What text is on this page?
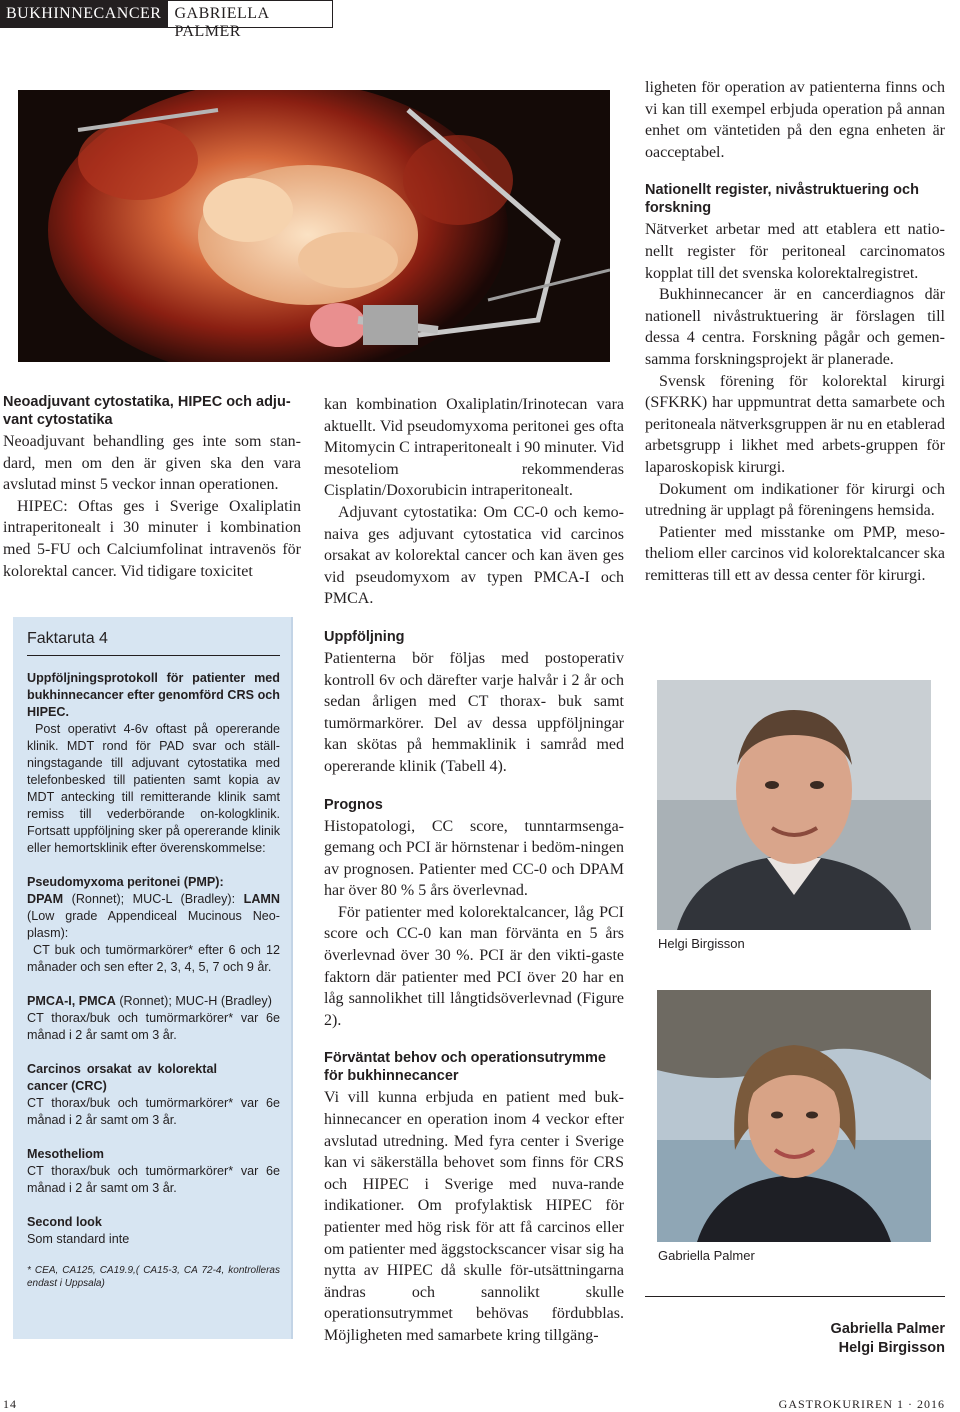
BUKHINNECANCER GABRIELLA PALMER
Neoadjuvant cytostatika, HIPEC och adju-
vant cytostatika

Neoadjuvant behandling ges inte som stan-dard, men om den är given ska den vara avslutad minst 5 veckor innan operationen.

HIPEC: Oftas ges i Sverige Oxaliplatin intraperitonealt i 30 minuter i kombination med 5-FU och Calciumfolinat intravenös för kolorektal cancer. Vid tidigare toxicitet

Faktaruta 4

Uppföljningsprotokoll för patienter med bukhinnecancer efter genomförd CRS och HIPEC.

Post operativt 4-6v oftast på opererande klinik. MDT rond för PAD svar och ställ-ningstagande till adjuvant cytostatika med telefonbesked till patienten samt kopia av MDT antecking till remitterande klinik samt remiss till vederbörande on-kologklinik. Fortsatt uppföljning sker på opererande klinik eller hemortsklinik efter överenskommelse:

Pseudomyxoma peritonei (PMP):

DPAM (Ronnet); MUC-L (Bradley): LAMN (Low grade Appendiceal Mucinous Neo-plasm):

CT buk och tumörmarkörer* efter 6 och 12 månader och sen efter 2, 3, 4, 5, 7 och 9 år.

PMCA-I, PMCA (Ronnet); MUC-H (Bradley)

CT thorax/buk och tumörmarkörer* var 6e månad i 2 år samt om 3 år.

Carcinos orsakat av kolorektal cancer (CRC)

CT thorax/buk och tumörmarkörer* var 6e månad i 2 år samt om 3 år.

Mesotheliom

CT thorax/buk och tumörmarkörer* var 6e månad i 2 år samt om 3 år.

Second look

Som standard inte

* CEA, CA125, CA19.9,( CA15-3, CA 72-4, kontrolleras endast i Uppsala)

kan kombination Oxaliplatin/Irinotecan vara aktuellt. Vid pseudomyxoma peritonei ges ofta Mitomycin C intraperitonealt i 90 minuter. Vid mesoteliom rekommenderas Cisplatin/Doxorubicin intraperitonealt.

Adjuvant cytostatika: Om CC-0 och kemo-naiva ges adjuvant cytostatica vid carcinos orsakat av kolorektal cancer och kan även ges vid pseudomyxom av typen PMCA-I och PMCA.

Uppföljning

Patienterna bör följas med postoperativ kontroll 6v och därefter varje halvår i 2 år och sedan årligen med CT thorax- buk samt tumörmarkörer. Del av dessa uppföljningar kan skötas på hemmaklinik i samråd med opererande klinik (Tabell 4).

Prognos

Histopatologi, CC score, tunntarmsenga-gemang och PCI är hörnstenar i bedöm-ningen av prognosen. Patienter med CC-0 och DPAM har över 80 % 5 års överlevnad.

För patienter med kolorektalcancer, låg PCI score och CC-0 kan man förvänta en 5 års överlevnad över 30 %. PCI är den vikti-gaste faktorn där patienter med PCI över 20 har en låg sannolikhet till långtidsöverlevnad (Figure 2).

Förväntat behov och operationsutrymme för bukhinnecancer

Vi vill kunna erbjuda en patient med buk-hinnecancer en operation inom 4 veckor efter avslutad utredning. Med fyra center i Sverige kan vi säkerställa behovet som finns för CRS och HIPEC i Sverige med nuva-rande indikationer. Om profylaktisk HIPEC för patienter med hög risk för att få carcinos eller om patienter med äggstockscancer visar sig ha nytta av HIPEC då skulle för-utsättningarna ändras och sannolikt skulle operationsutrymmet behövas fördubblas. Möjligheten med samarbete kring tillgäng-

ligheten för operation av patienterna finns och vi kan till exempel erbjuda operation på annan enhet om väntetiden på den egna enheten är oacceptabel.

Nationellt register, nivåstruktuering och forskning

Nätverket arbetar med att etablera ett natio-nellt register för peritoneal carcinomatos kopplat till det svenska kolorektalregistret.

Bukhinnecancer är en cancerdiagnos där nationell nivåstruktuering är förslagen till dessa 4 centra. Forskning pågår och gemen-samma forskningsprojekt är planerade.

Svensk förening för kolorektal kirurgi (SFKRK) har uppmuntrat detta samarbete och peritoneala nätverksgruppen är nu en etablerad arbetsgrupp i likhet med arbets-gruppen för laparoskopisk kirurgi.

Dokument om indikationer för kirurgi och utredning är upplagt på föreningens hemsida.

Patienter med misstanke om PMP, meso-theliom eller carcinos vid kolorektalcancer ska remitteras till ett av dessa center för kirurgi.

Helgi Birgisson
Gabriella Palmer
Gabriella Palmer
Helgi Birgisson
14	GASTROKURIREN 1 · 2016
